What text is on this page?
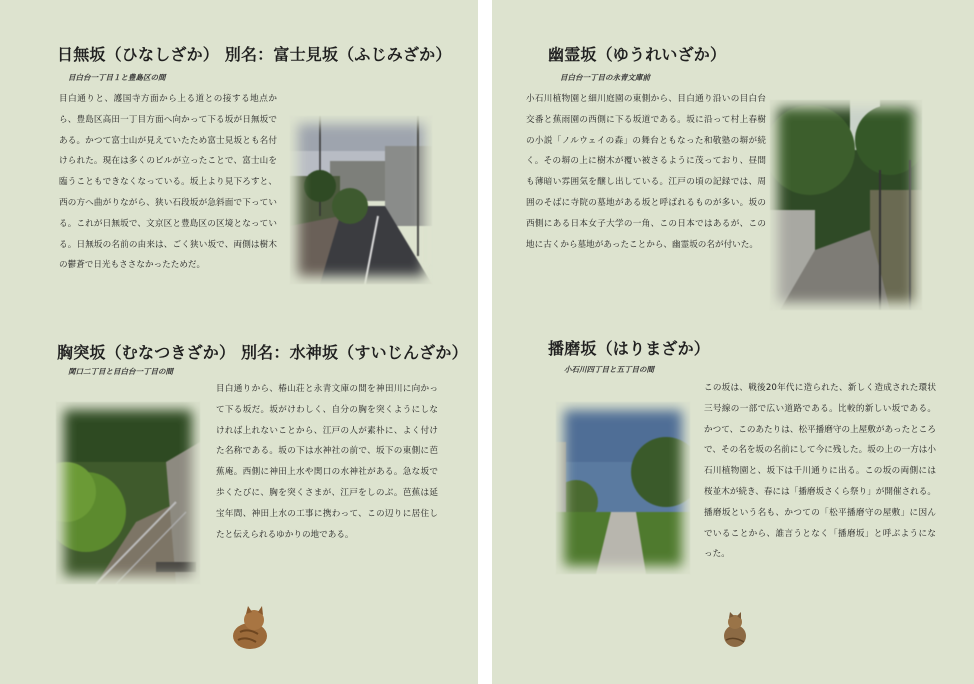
日無坂（ひなしざか） 別名：富士見坂（ふじみざか）

目白台一丁目１と豊島区の間

目白通りと、護国寺方面から上る道との接する地点から、豊島区高田一丁目方面へ向かって下る坂が日無坂である。かつて富士山が見えていたため富士見坂とも名付けられた。現在は多くのビルが立ったことで、富士山を臨うこともできなくなっている。坂上より見下ろすと、西の方へ曲がりながら、狭い石段坂が急斜面で下っている。これが日無坂で、文京区と豊島区の区境となっている。日無坂の名前の由来は、ごく狭い坂で、両側は樹木の鬱蒼で日光もささなかったためだ。

胸突坂（むなつきざか） 別名：水神坂（すいじんざか）

関口二丁目と目白台一丁目の間

目白通りから、椿山荘と永青文庫の間を神田川に向かって下る坂だ。坂がけわしく、自分の胸を突くようにしなければ上れないことから、江戸の人が素朴に、よく付けた名称である。坂の下は水神社の前で、坂下の東側に芭蕉庵。西側に神田上水や関口の水神社がある。急な坂で歩くたびに、胸を突くさまが、江戸をしのぶ。芭蕉は延宝年間、神田上水の工事に携わって、この辺りに居住したと伝えられるゆかりの地である。

幽霊坂（ゆうれいざか）

目白台一丁目の永青文庫前

小石川植物園と細川庭園の東側から、目白通り沿いの目白台交番と蕉雨園の西側に下る坂道である。坂に沿って村上春樹の小説「ノルウェイの森」の舞台ともなった和敬塾の塀が続く。その塀の上に樹木が覆い被さるように茂っており、昼間も薄暗い雰囲気を醸し出している。江戸の頃の記録では、周囲のそばに寺院の墓地がある坂と呼ばれるものが多い。坂の西側にある日本女子大学の一角、この日本ではあるが、この地に古くから墓地があったことから、幽霊坂の名が付いた。

播磨坂（はりまざか）

小石川四丁目と五丁目の間

この坂は、戦後20年代に造られた、新しく造成された環状三号線の一部で広い道路である。比較的新しい坂である。かつて、このあたりは、松平播磨守の上屋敷があったところで、その名を坂の名前にして今に残した。坂の上の一方は小石川植物園と、坂下は千川通りに出る。この坂の両側には桜並木が続き、春には「播磨坂さくら祭り」が開催される。播磨坂という名も、かつての「松平播磨守の屋敷」に因んでいることから、誰言うとなく「播磨坂」と呼ぶようになった。
